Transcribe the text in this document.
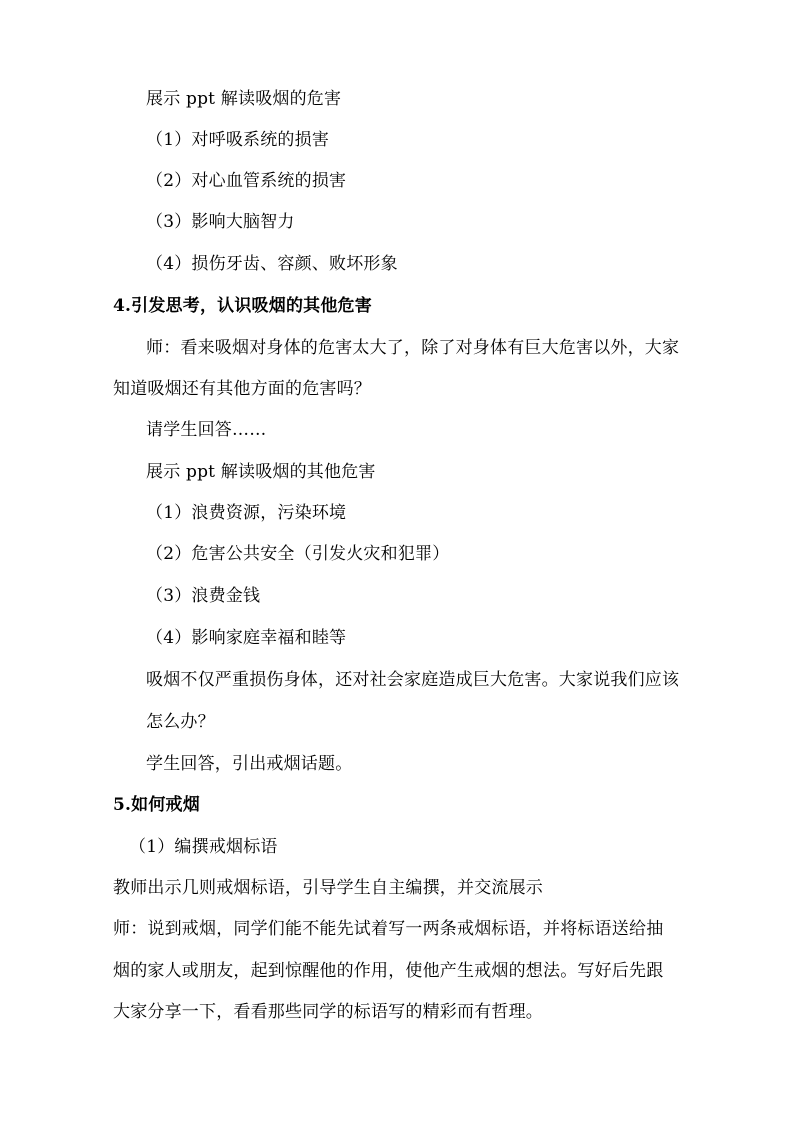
展示 ppt 解读吸烟的危害
（1）对呼吸系统的损害
（2）对心血管系统的损害
（3）影响大脑智力
（4）损伤牙齿、容颜、败坏形象
4.引发思考，认识吸烟的其他危害
师：看来吸烟对身体的危害太大了，除了对身体有巨大危害以外，大家
知道吸烟还有其他方面的危害吗？
请学生回答……
展示 ppt 解读吸烟的其他危害
（1）浪费资源，污染环境
（2）危害公共安全（引发火灾和犯罪）
（3）浪费金钱
（4）影响家庭幸福和睦等
吸烟不仅严重损伤身体，还对社会家庭造成巨大危害。大家说我们应该
怎么办？
学生回答，引出戒烟话题。
5.如何戒烟
（1）编撰戒烟标语
教师出示几则戒烟标语，引导学生自主编撰，并交流展示
师：说到戒烟，同学们能不能先试着写一两条戒烟标语，并将标语送给抽
烟的家人或朋友，起到惊醒他的作用，使他产生戒烟的想法。写好后先跟
大家分享一下，看看那些同学的标语写的精彩而有哲理。
